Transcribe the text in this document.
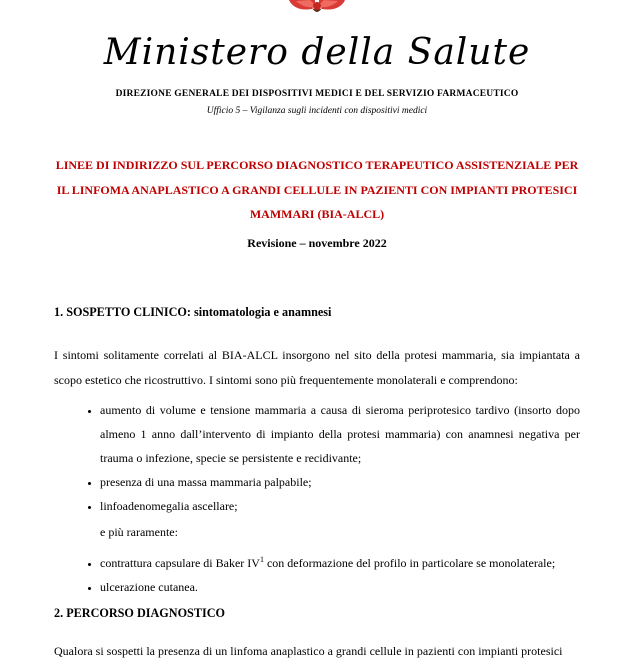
Ministero della Salute
DIREZIONE GENERALE DEI DISPOSITIVI MEDICI E DEL SERVIZIO FARMACEUTICO
Ufficio 5 – Vigilanza sugli incidenti con dispositivi medici
LINEE DI INDIRIZZO SUL PERCORSO DIAGNOSTICO TERAPEUTICO ASSISTENZIALE PER
IL LINFOMA ANAPLASTICO A GRANDI CELLULE IN PAZIENTI CON IMPIANTI PROTESICI
MAMMARI (BIA-ALCL)
Revisione – novembre 2022
1. SOSPETTO CLINICO: sintomatologia e anamnesi
I sintomi solitamente correlati al BIA-ALCL insorgono nel sito della protesi mammaria, sia impiantata a scopo estetico che ricostruttivo. I sintomi sono più frequentemente monolaterali e comprendono:
• aumento di volume e tensione mammaria a causa di sieroma periprotesico tardivo (insorto dopo almeno 1 anno dall’intervento di impianto della protesi mammaria) con anamnesi negativa per trauma o infezione, specie se persistente e recidivante;
• presenza di una massa mammaria palpabile;
• linfoadenomegalia ascellare;
e più raramente:
• contrattura capsulare di Baker IV$^1$ con deformazione del profilo in particolare se monolaterale;
• ulcerazione cutanea.
2. PERCORSO DIAGNOSTICO
Qualora si sospetti la presenza di un linfoma anaplastico a grandi cellule in pazienti con impianti protesici
